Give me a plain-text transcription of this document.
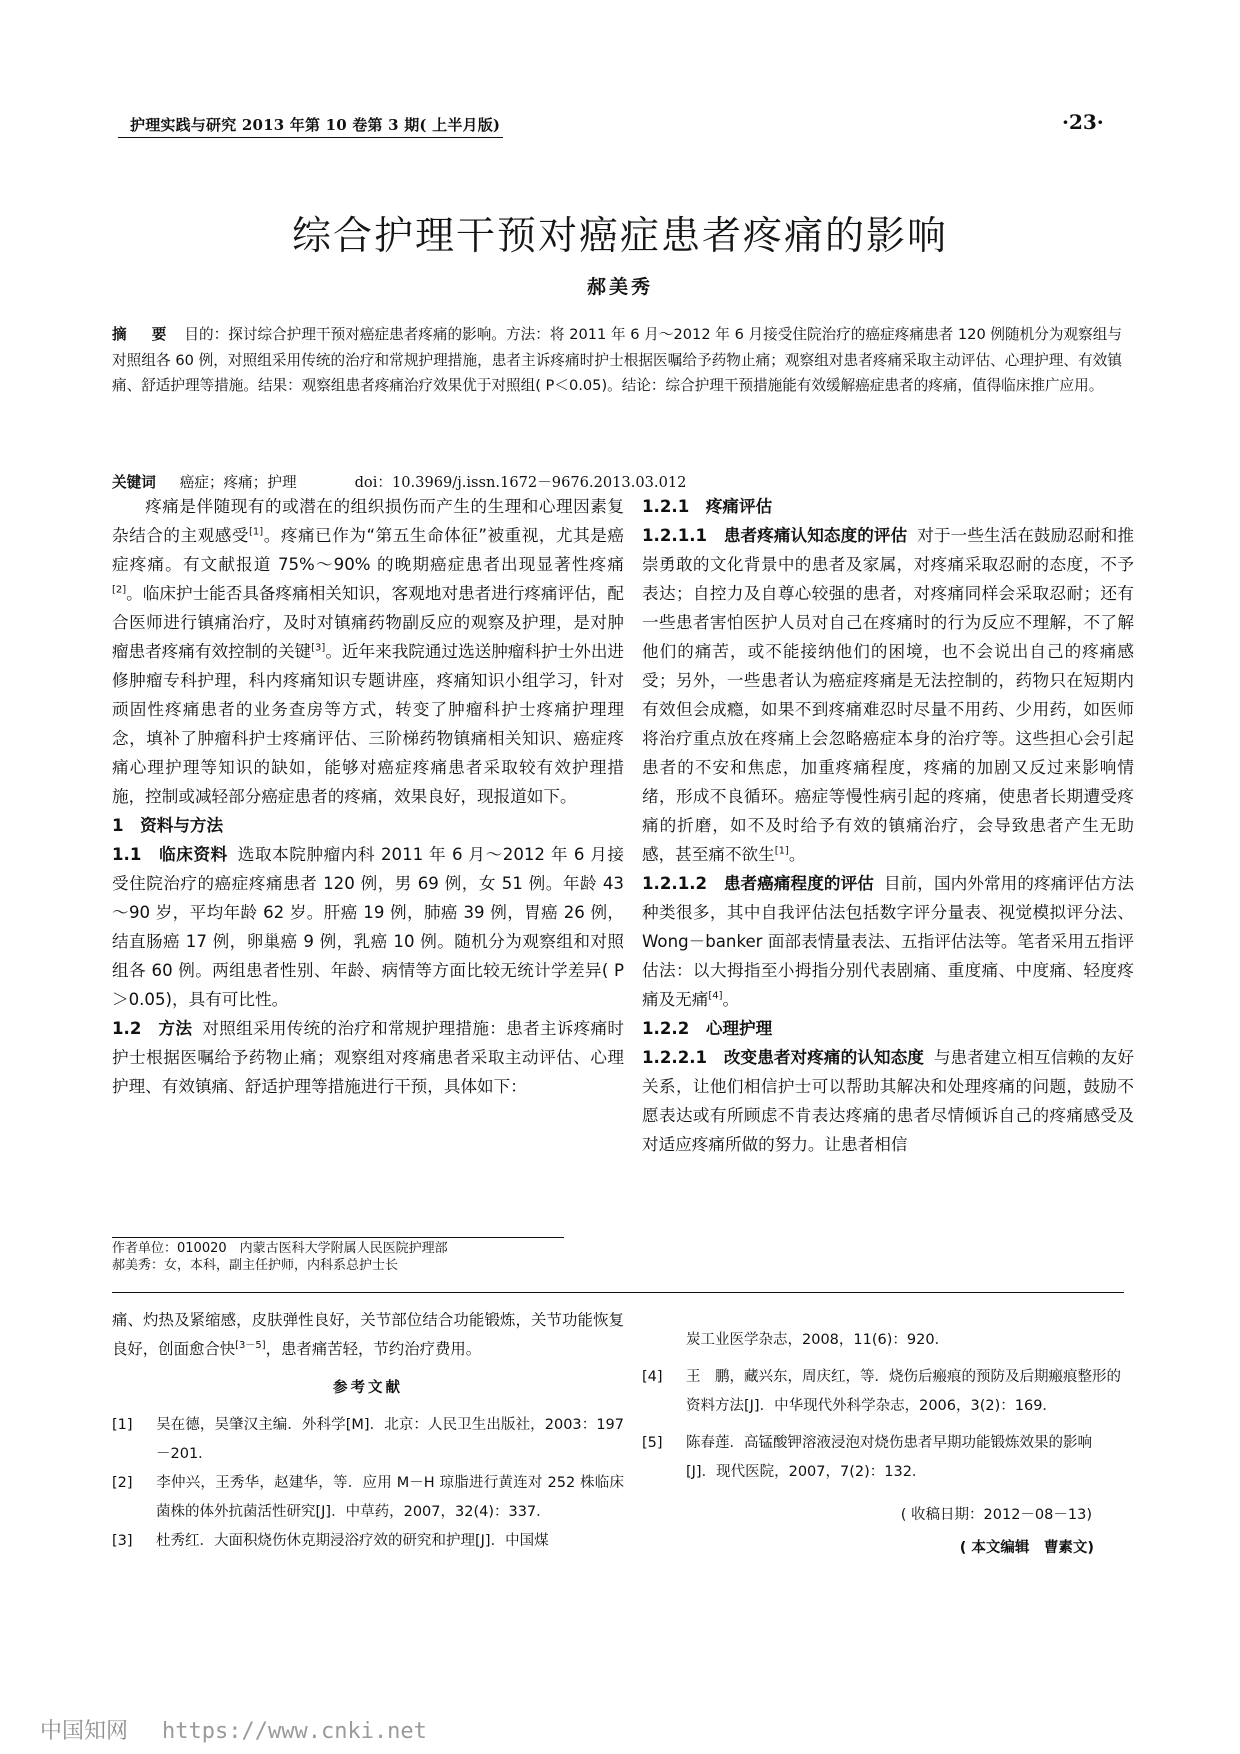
护理实践与研究 2013 年第 10 卷第 3 期( 上半月版)	·23·
综合护理干预对癌症患者疼痛的影响
郝美秀
摘 要 目的：探讨综合护理干预对癌症患者疼痛的影响。方法：将 2011 年 6 月～2012 年 6 月接受住院治疗的癌症疼痛患者 120 例随机分为观察组与对照组各 60 例，对照组采用传统的治疗和常规护理措施，患者主诉疼痛时护士根据医嘱给予药物止痛；观察组对患者疼痛采取主动评估、心理护理、有效镇痛、舒适护理等措施。结果：观察组患者疼痛治疗效果优于对照组( P＜0.05)。结论：综合护理干预措施能有效缓解癌症患者的疼痛，值得临床推广应用。
关键词 癌症；疼痛；护理	doi：10.3969/j.issn.1672－9676.2013.03.012

疼痛是伴随现有的或潜在的组织损伤而产生的生理和心理因素复杂结合的主观感受[1]。疼痛已作为“第五生命体征”被重视，尤其是癌症疼痛。有文献报道 75%～90% 的晚期癌症患者出现显著性疼痛[2]。临床护士能否具备疼痛相关知识，客观地对患者进行疼痛评估，配合医师进行镇痛治疗，及时对镇痛药物副反应的观察及护理，是对肿瘤患者疼痛有效控制的关键[3]。近年来我院通过选送肿瘤科护士外出进修肿瘤专科护理，科内疼痛知识专题讲座，疼痛知识小组学习，针对顽固性疼痛患者的业务查房等方式，转变了肿瘤科护士疼痛护理理念，填补了肿瘤科护士疼痛评估、三阶梯药物镇痛相关知识、癌症疼痛心理护理等知识的缺如，能够对癌症疼痛患者采取较有效护理措施，控制或减轻部分癌症患者的疼痛，效果良好，现报道如下。

1　资料与方法

1.1　临床资料 选取本院肿瘤内科 2011 年 6 月～2012 年 6 月接受住院治疗的癌症疼痛患者 120 例，男 69 例，女 51 例。年龄 43～90 岁，平均年龄 62 岁。肝癌 19 例，肺癌 39 例，胃癌 26 例，结直肠癌 17 例，卵巢癌 9 例，乳癌 10 例。随机分为观察组和对照组各 60 例。两组患者性别、年龄、病情等方面比较无统计学差异( P＞0.05)，具有可比性。

1.2　方法 对照组采用传统的治疗和常规护理措施：患者主诉疼痛时护士根据医嘱给予药物止痛；观察组对疼痛患者采取主动评估、心理护理、有效镇痛、舒适护理等措施进行干预，具体如下：

1.2.1　疼痛评估

1.2.1.1　患者疼痛认知态度的评估 对于一些生活在鼓励忍耐和推崇勇敢的文化背景中的患者及家属，对疼痛采取忍耐的态度，不予表达；自控力及自尊心较强的患者，对疼痛同样会采取忍耐；还有一些患者害怕医护人员对自己在疼痛时的行为反应不理解，不了解他们的痛苦，或不能接纳他们的困境，也不会说出自己的疼痛感受；另外，一些患者认为癌症疼痛是无法控制的，药物只在短期内有效但会成瘾，如果不到疼痛难忍时尽量不用药、少用药，如医师将治疗重点放在疼痛上会忽略癌症本身的治疗等。这些担心会引起患者的不安和焦虑，加重疼痛程度，疼痛的加剧又反过来影响情绪，形成不良循环。癌症等慢性病引起的疼痛，使患者长期遭受疼痛的折磨，如不及时给予有效的镇痛治疗，会导致患者产生无助感，甚至痛不欲生[1]。

1.2.1.2　患者癌痛程度的评估 目前，国内外常用的疼痛评估方法种类很多，其中自我评估法包括数字评分量表、视觉模拟评分法、Wong－banker 面部表情量表法、五指评估法等。笔者采用五指评估法：以大拇指至小拇指分别代表剧痛、重度痛、中度痛、轻度疼痛及无痛[4]。

1.2.2　心理护理

1.2.2.1　改变患者对疼痛的认知态度 与患者建立相互信赖的友好关系，让他们相信护士可以帮助其解决和处理疼痛的问题，鼓励不愿表达或有所顾虑不肯表达疼痛的患者尽情倾诉自己的疼痛感受及对适应疼痛所做的努力。让患者相信

作者单位：010020　内蒙古医科大学附属人民医院护理部
郝美秀：女，本科，副主任护师，内科系总护士长

痛、灼热及紧缩感，皮肤弹性良好，关节部位结合功能锻炼，关节功能恢复良好，创面愈合快[3－5]，患者痛苦轻，节约治疗费用。

参考文献

[1] 吴在德，吴肇汉主编．外科学[M]．北京：人民卫生出版社，2003：197－201．

[2] 李仲兴，王秀华，赵建华，等．应用 M－H 琼脂进行黄连对 252 株临床菌株的体外抗菌活性研究[J]．中草药，2007，32(4)：337．

[3] 杜秀红．大面积烧伤休克期浸浴疗效的研究和护理[J]．中国煤

炭工业医学杂志，2008，11(6)：920．

[4] 王　鹏，藏兴东，周庆红，等．烧伤后瘢痕的预防及后期瘢痕整形的资料方法[J]．中华现代外科学杂志，2006，3(2)：169．

[5] 陈春莲．高锰酸钾溶液浸泡对烧伤患者早期功能锻炼效果的影响[J]．现代医院，2007，7(2)：132．

( 收稿日期：2012－08－13)
( 本文编辑　曹素文)
中国知网 https://www.cnki.net
